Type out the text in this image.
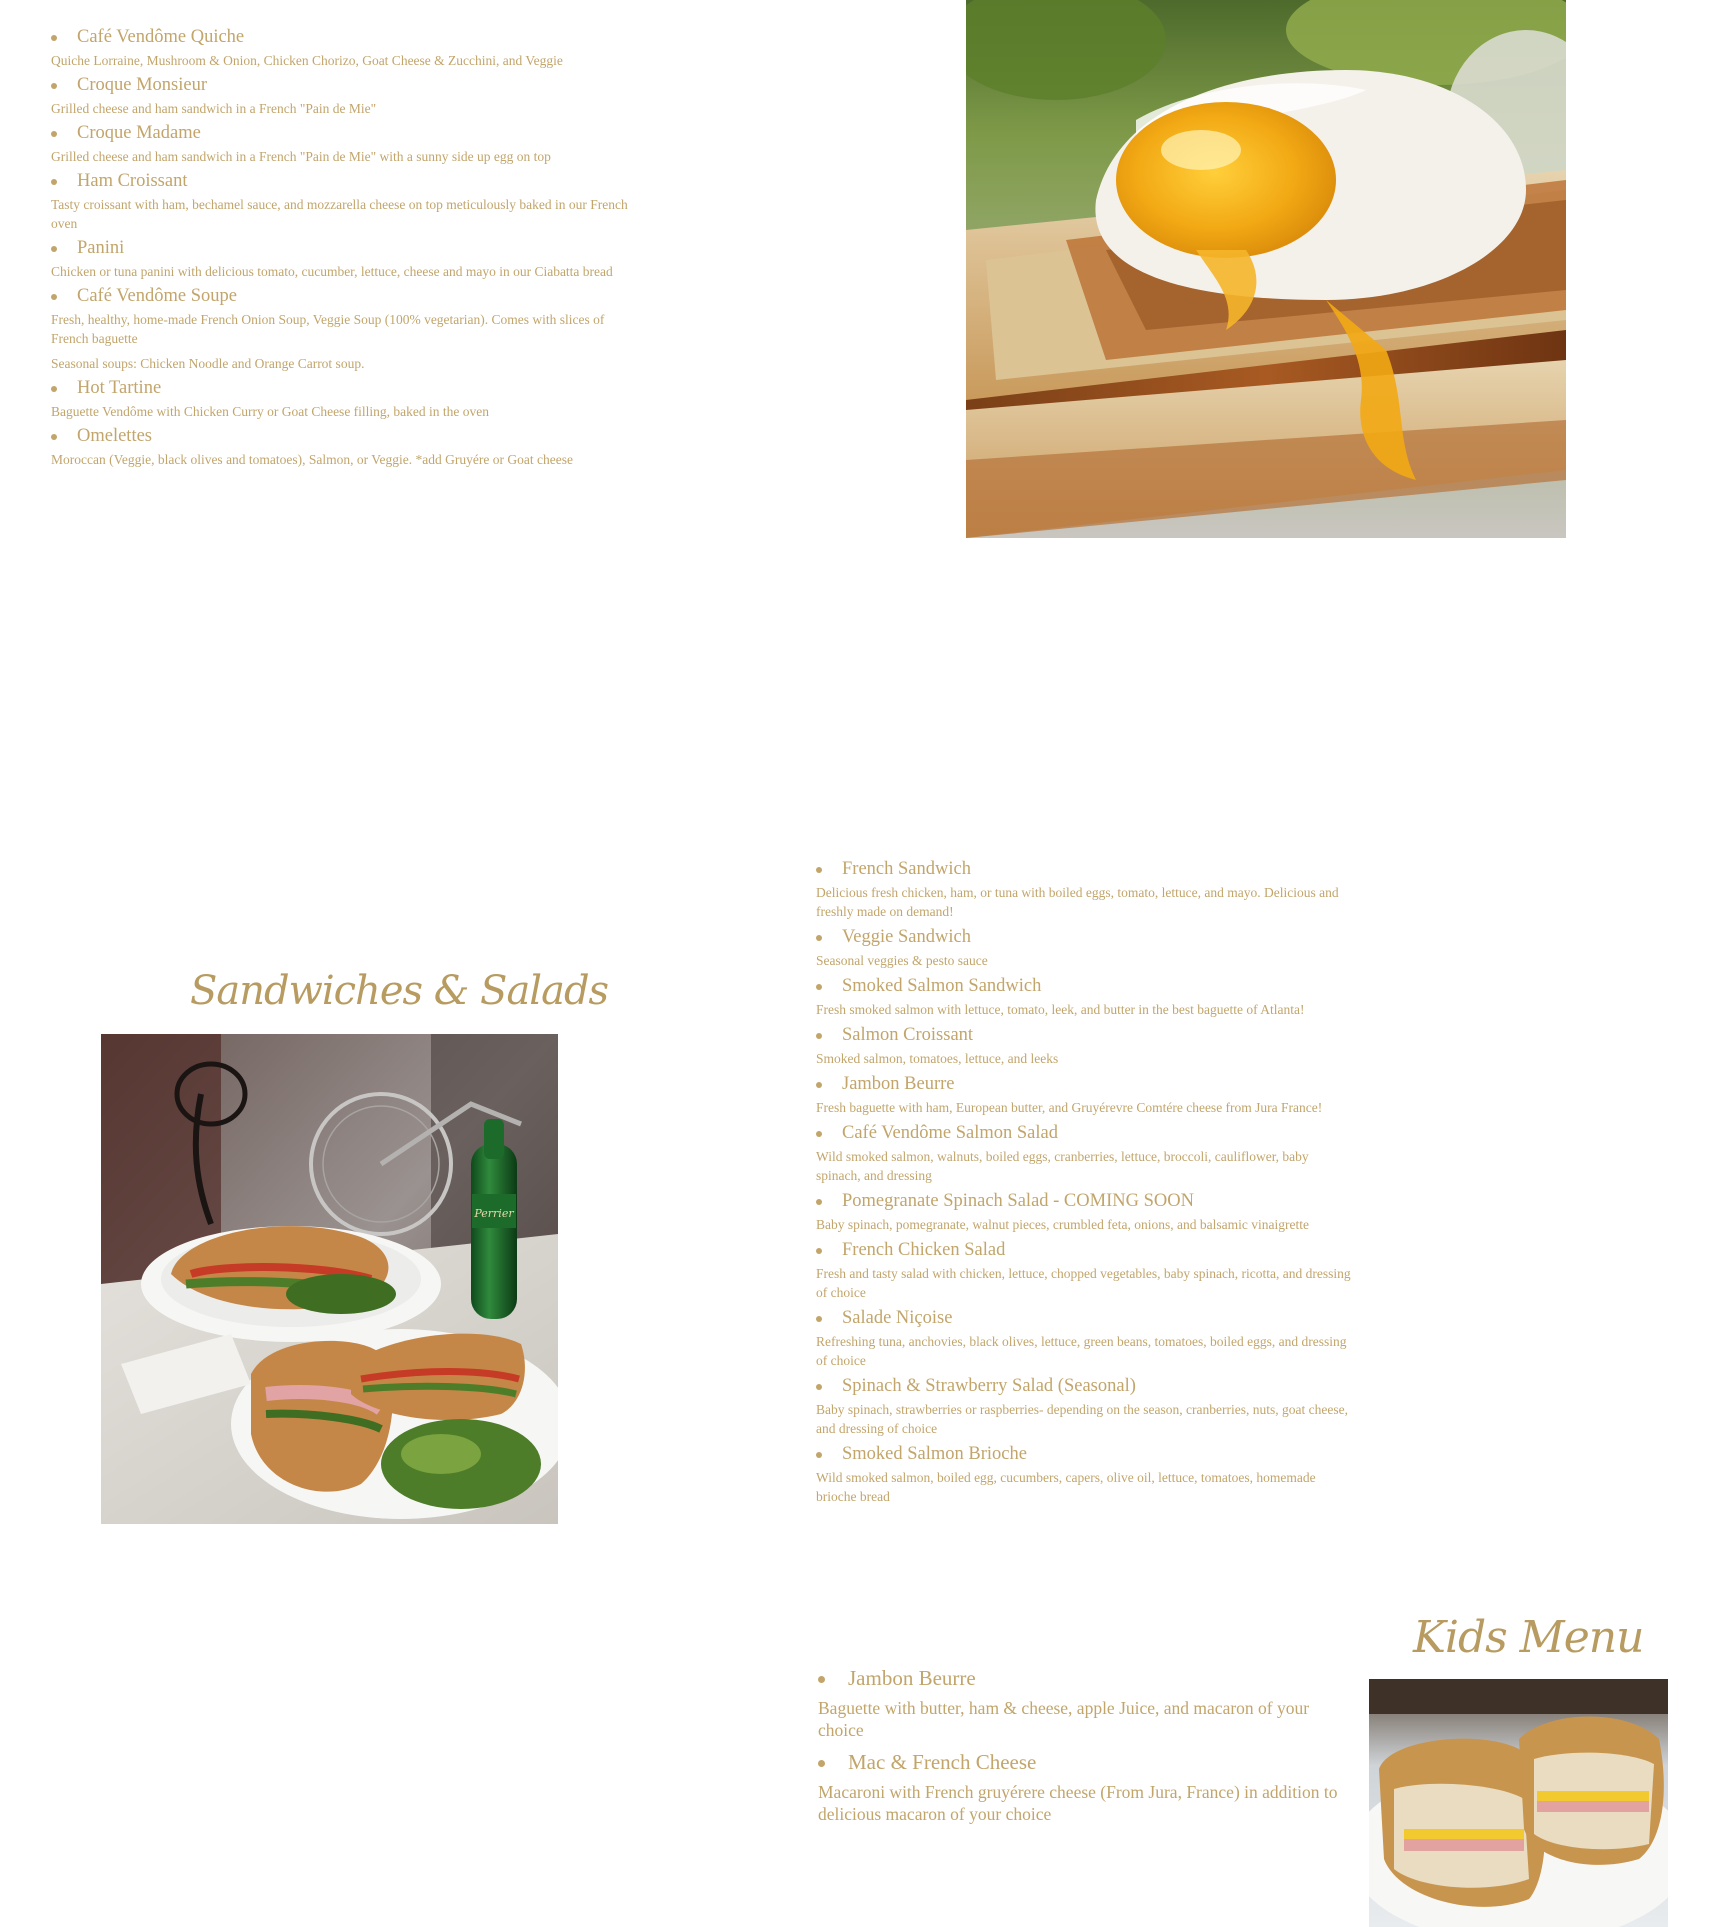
Café Vendôme Quiche
Quiche Lorraine, Mushroom & Onion, Chicken Chorizo, Goat Cheese & Zucchini, and Veggie
Croque Monsieur
Grilled cheese and ham sandwich in a French "Pain de Mie"
Croque Madame
Grilled cheese and ham sandwich in a French "Pain de Mie" with a sunny side up egg on top
Ham Croissant
Tasty croissant with ham, bechamel sauce, and mozzarella cheese on top meticulously baked in our French oven
Panini
Chicken or tuna panini with delicious tomato, cucumber, lettuce, cheese and mayo in our Ciabatta bread
Café Vendôme Soupe
Fresh, healthy, home-made French Onion Soup, Veggie Soup (100% vegetarian). Comes with slices of French baguette
Seasonal soups: Chicken Noodle and Orange Carrot soup.
Hot Tartine
Baguette Vendôme with Chicken Curry or Goat Cheese filling, baked in the oven
Omelettes
Moroccan (Veggie, black olives and tomatoes), Salmon, or Veggie. *add Gruyére or Goat cheese
Sandwiches & Salads
Perrier
French Sandwich
Delicious fresh chicken, ham, or tuna with boiled eggs, tomato, lettuce, and mayo. Delicious and freshly made on demand!
Veggie Sandwich
Seasonal veggies & pesto sauce
Smoked Salmon Sandwich
Fresh smoked salmon with lettuce, tomato, leek, and butter in the best baguette of Atlanta!
Salmon Croissant
Smoked salmon, tomatoes, lettuce, and leeks
Jambon Beurre
Fresh baguette with ham, European butter, and Gruyérevre Comtére cheese from Jura France!
Café Vendôme Salmon Salad
Wild smoked salmon, walnuts, boiled eggs, cranberries, lettuce, broccoli, cauliflower, baby spinach, and dressing
Pomegranate Spinach Salad - COMING SOON
Baby spinach, pomegranate, walnut pieces, crumbled feta, onions, and balsamic vinaigrette
French Chicken Salad
Fresh and tasty salad with chicken, lettuce, chopped vegetables, baby spinach, ricotta, and dressing of choice
Salade Niçoise
Refreshing tuna, anchovies, black olives, lettuce, green beans, tomatoes, boiled eggs, and dressing of choice
Spinach & Strawberry Salad (Seasonal)
Baby spinach, strawberries or raspberries- depending on the season, cranberries, nuts, goat cheese, and dressing of choice
Smoked Salmon Brioche
Wild smoked salmon, boiled egg, cucumbers, capers, olive oil, lettuce, tomatoes, homemade brioche bread
Kids Menu
Jambon Beurre
Baguette with butter, ham & cheese, apple Juice, and macaron of your choice
Mac & French Cheese
Macaroni with French gruyérere cheese (From Jura, France) in addition to delicious macaron of your choice
